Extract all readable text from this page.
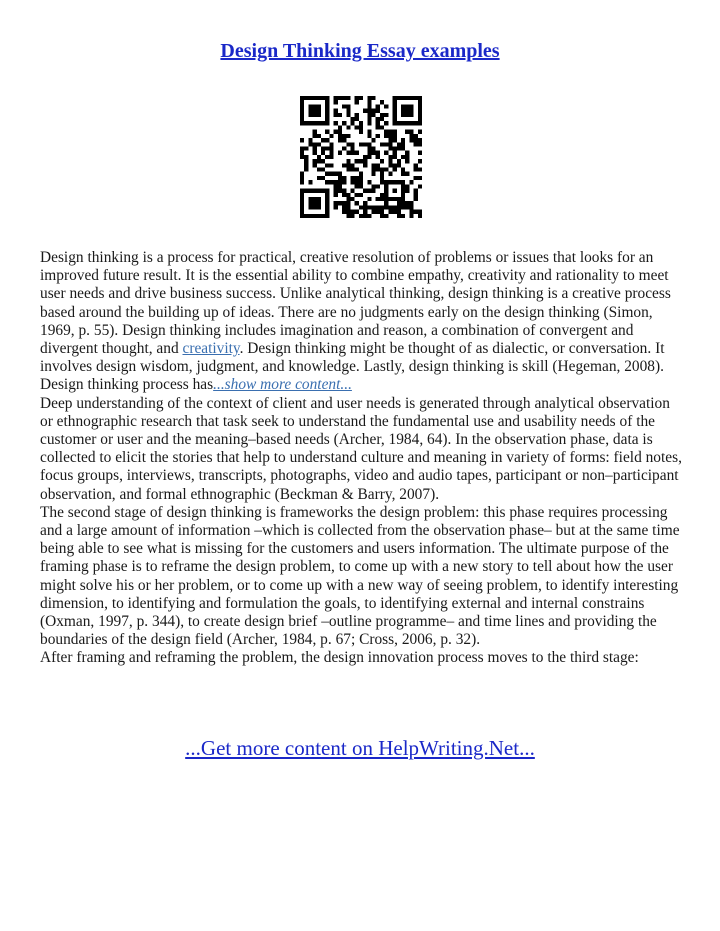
Design Thinking Essay examples

Design thinking is a process for practical, creative resolution of problems or issues that looks for an improved future result. It is the essential ability to combine empathy, creativity and rationality to meet user needs and drive business success. Unlike analytical thinking, design thinking is a creative process based around the building up of ideas. There are no judgments early on the design thinking (Simon, 1969, p. 55). Design thinking includes imagination and reason, a combination of convergent and divergent thought, and creativity. Design thinking might be thought of as dialectic, or conversation. It involves design wisdom, judgment, and knowledge. Lastly, design thinking is skill (Hegeman, 2008).

Design thinking process has...show more content...

Deep understanding of the context of client and user needs is generated through analytical observation or ethnographic research that task seek to understand the fundamental use and usability needs of the customer or user and the meaning–based needs (Archer, 1984, 64). In the observation phase, data is collected to elicit the stories that help to understand culture and meaning in variety of forms: field notes, focus groups, interviews, transcripts, photographs, video and audio tapes, participant or non–participant observation, and formal ethnographic (Beckman & Barry, 2007).

The second stage of design thinking is frameworks the design problem: this phase requires processing and a large amount of information –which is collected from the observation phase– but at the same time being able to see what is missing for the customers and users information. The ultimate purpose of the framing phase is to reframe the design problem, to come up with a new story to tell about how the user might solve his or her problem, or to come up with a new way of seeing problem, to identify interesting dimension, to identifying and formulation the goals, to identifying external and internal constrains (Oxman, 1997, p. 344), to create design brief –outline programme– and time lines and providing the boundaries of the design field (Archer, 1984, p. 67; Cross, 2006, p. 32).

After framing and reframing the problem, the design innovation process moves to the third stage:

...Get more content on HelpWriting.Net...
